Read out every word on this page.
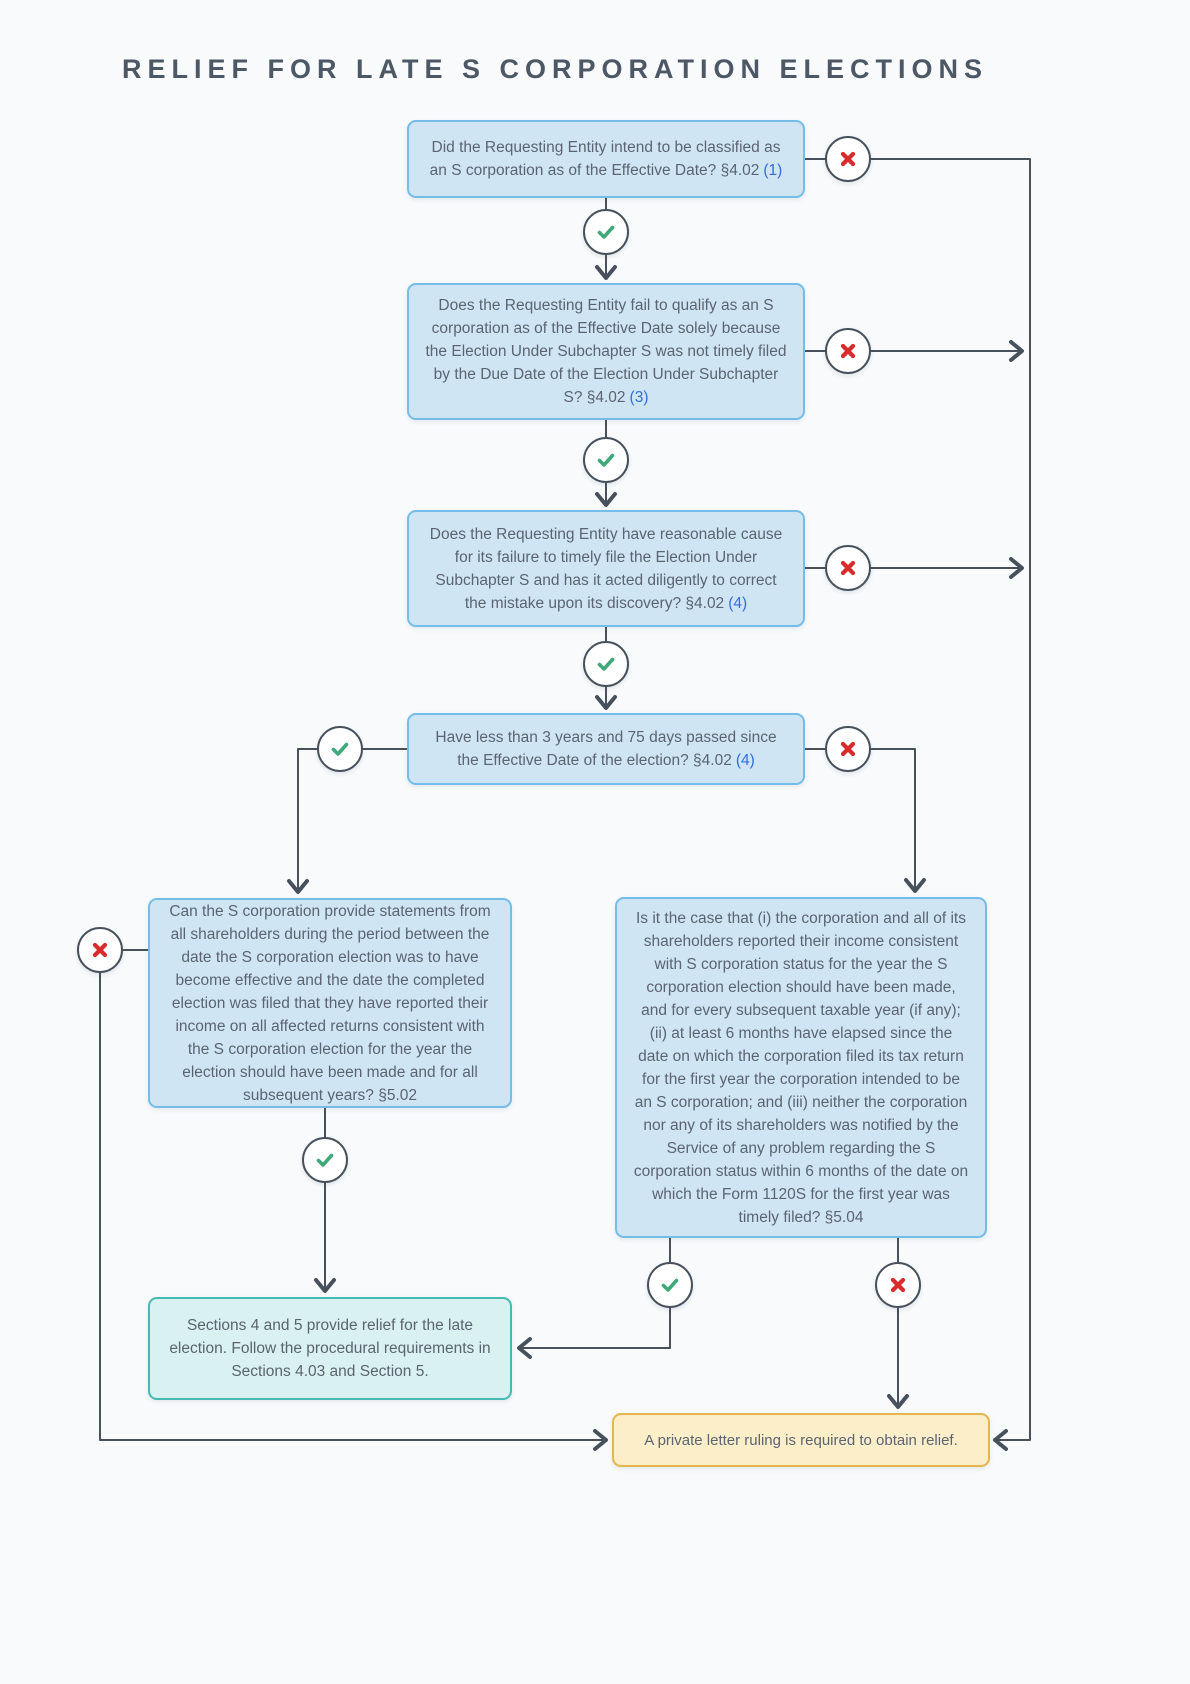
RELIEF FOR LATE S CORPORATION ELECTIONS
Did the Requesting Entity intend to be classified as an S corporation as of the Effective Date? §4.02 (1)
Does the Requesting Entity fail to qualify as an S corporation as of the Effective Date solely because the Election Under Subchapter S was not timely filed by the Due Date of the Election Under Subchapter S? §4.02 (3)
Does the Requesting Entity have reasonable cause for its failure to timely file the Election Under Subchapter S and has it acted diligently to correct the mistake upon its discovery? §4.02 (4)
Have less than 3 years and 75 days passed since the Effective Date of the election? §4.02 (4)
Can the S corporation provide statements from all shareholders during the period between the date the S corporation election was to have become effective and the date the completed election was filed that they have reported their income on all affected returns consistent with the S corporation election for the year the election should have been made and for all subsequent years? §5.02
Is it the case that (i) the corporation and all of its shareholders reported their income consistent with S corporation status for the year the S corporation election should have been made, and for every subsequent taxable year (if any); (ii) at least 6 months have elapsed since the date on which the corporation filed its tax return for the first year the corporation intended to be an S corporation; and (iii) neither the corporation nor any of its shareholders was notified by the Service of any problem regarding the S corporation status within 6 months of the date on which the Form 1120S for the first year was timely filed? §5.04
Sections 4 and 5 provide relief for the late election. Follow the procedural requirements in Sections 4.03 and Section 5.
A private letter ruling is required to obtain relief.
